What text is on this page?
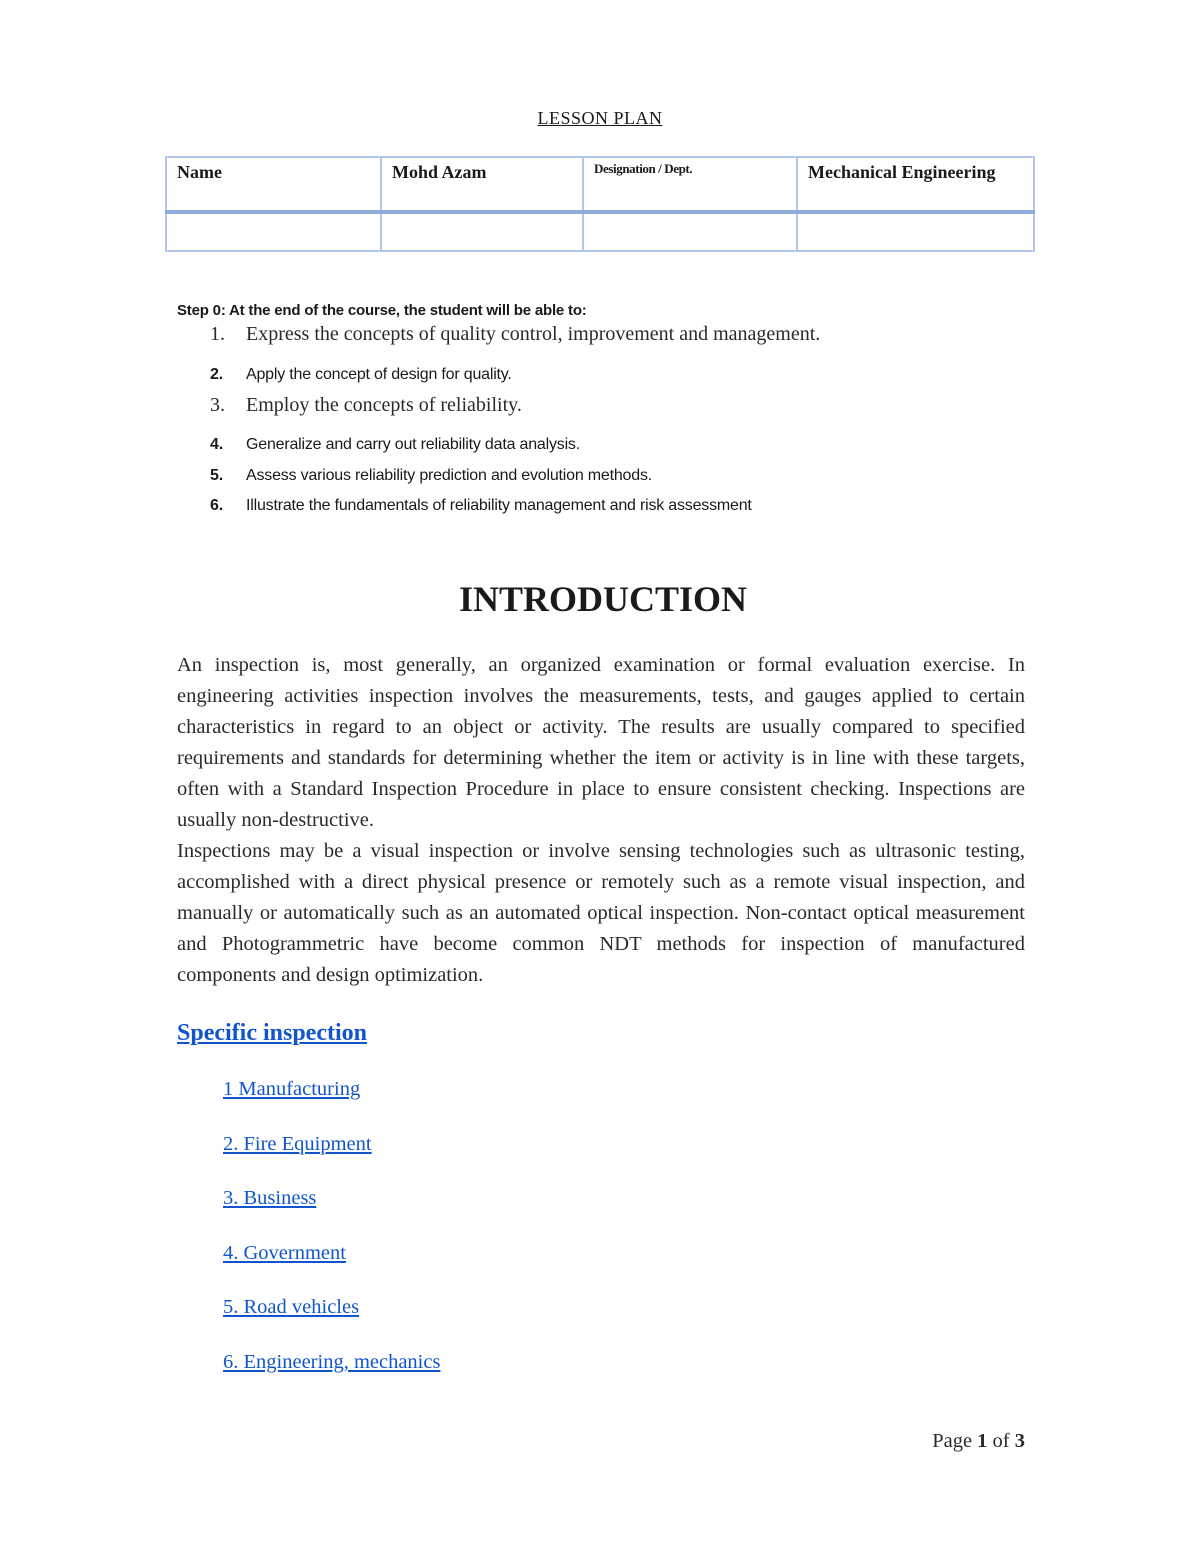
LESSON PLAN
Name	Mohd Azam	Designation / Dept.	Mechanical Engineering

Step 0: At the end of the course, the student will be able to:
1. Express the concepts of quality control, improvement and management.
2. Apply the concept of design for quality.
3. Employ the concepts of reliability.
4. Generalize and carry out reliability data analysis.
5. Assess various reliability prediction and evolution methods.
6. Illustrate the fundamentals of reliability management and risk assessment
INTRODUCTION

An inspection is, most generally, an organized examination or formal evaluation exercise. In engineering activities inspection involves the measurements, tests, and gauges applied to certain characteristics in regard to an object or activity. The results are usually compared to specified requirements and standards for determining whether the item or activity is in line with these targets, often with a Standard Inspection Procedure in place to ensure consistent checking. Inspections are usually non-destructive.

Inspections may be a visual inspection or involve sensing technologies such as ultrasonic testing, accomplished with a direct physical presence or remotely such as a remote visual inspection, and manually or automatically such as an automated optical inspection. Non-contact optical measurement and Photogrammetric have become common NDT methods for inspection of manufactured components and design optimization.

Specific inspection
1 Manufacturing
2. Fire Equipment
3. Business
4. Government
5. Road vehicles
6. Engineering, mechanics
Page 1 of 3
